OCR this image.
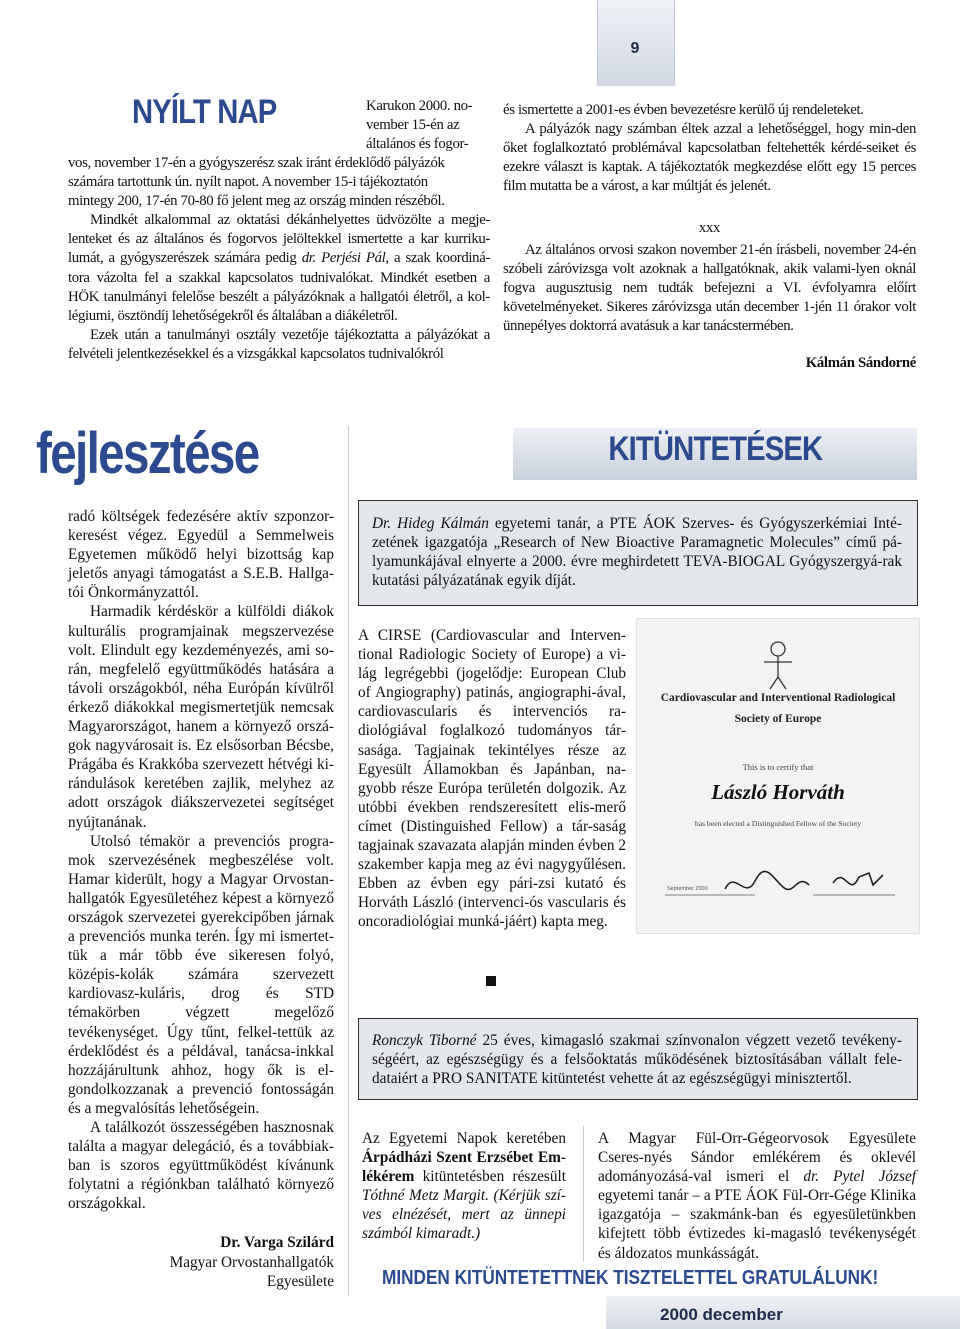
9
NYÍLT NAP	Karukon 2000. no-
vember 15-én az
általános és fogor-

vos, november 17-én a gyógyszerész szak iránt érdeklődő pályázók

számára tartottunk ún. nyílt napot. A november 15-i tájékoztatón

mintegy 200, 17-én 70-80 fő jelent meg az ország minden részéből.

Mindkét alkalommal az oktatási dékánhelyettes üdvözölte a megje-lenteket és az általános és fogorvos jelöltekkel ismertette a kar kurriku-lumát, a gyógyszerészek számára pedig dr. Perjési Pál, a szak koordiná-tora vázolta fel a szakkal kapcsolatos tudnivalókat. Mindkét esetben a HÖK tanulmányi felelőse beszélt a pályázóknak a hallgatói életről, a kol-légiumi, ösztöndíj lehetőségekről és általában a diákéletről.

Ezek után a tanulmányi osztály vezetője tájékoztatta a pályázókat a felvételi jelentkezésekkel és a vizsgákkal kapcsolatos tudnivalókról

és ismertette a 2001-es évben bevezetésre kerülő új rendeleteket.

A pályázók nagy számban éltek azzal a lehetőséggel, hogy min-den őket foglalkoztató problémával kapcsolatban feltehették kérdé-seiket és ezekre választ is kaptak. A tájékoztatók megkezdése előtt egy 15 perces film mutatta be a várost, a kar múltját és jelenét.

xxx

Az általános orvosi szakon november 21-én írásbeli, november 24-én szóbeli záróvizsga volt azoknak a hallgatóknak, akik valami-lyen oknál fogva augusztusig nem tudták befejezni a VI. évfolyamra előírt követelményeket. Sikeres záróvizsga után december 1-jén 11 órakor volt ünnepélyes doktorrá avatásuk a kar tanácstermében.

Kálmán Sándorné
fejlesztése

radó költségek fedezésére aktív szponzor-keresést végez. Egyedül a Semmelweis Egyetemen működő helyi bizottság kap jeletős anyagi támogatást a S.E.B. Hallga-tói Önkormányzattól.

Harmadik kérdéskör a külföldi diákok kulturális programjainak megszervezése volt. Elindult egy kezdeményezés, ami so-rán, megfelelő együttműködés hatására a távoli országokból, néha Európán kívülről érkező diákokkal megismertetjük nemcsak Magyarországot, hanem a környező orszá-gok nagyvárosait is. Ez elsősorban Bécsbe, Prágába és Krakkóba szervezett hétvégi ki-rándulások keretében zajlik, melyhez az adott országok diákszervezetei segítséget nyújtanának.

Utolsó témakör a prevenciós progra-mok szervezésének megbeszélése volt. Hamar kiderült, hogy a Magyar Orvostan-hallgatók Egyesületéhez képest a környező országok szervezetei gyerekcipőben járnak a prevenciós munka terén. Így mi ismertet-tük a már több éve sikeresen folyó, középis-kolák számára szervezett kardiovasz-kuláris, drog és STD témakörben végzett megelőző tevékenységet. Úgy tűnt, felkel-tettük az érdeklődést és a példával, tanácsa-inkkal hozzájárultunk ahhoz, hogy ők is el-gondolkozzanak a prevenció fontosságán és a megvalósítás lehetőségein.

A találkozót összességében hasznosnak találta a magyar delegáció, és a továbbiak-ban is szoros együttműködést kívánunk folytatni a régiónkban található környező országokkal.

Dr. Varga Szilárd
Magyar Orvostanhallgatók
Egyesülete
KITÜNTETÉSEK

Dr. Hideg Kálmán egyetemi tanár, a PTE ÁOK Szerves- és Gyógyszerkémiai Inté-zetének igazgatója „Research of New Bioactive Paramagnetic Molecules” című pá-lyamunkájával elnyerte a 2000. évre meghirdetett TEVA-BIOGAL Gyógyszergyá-rak kutatási pályázatának egyik díját.

A CIRSE (Cardiovascular and Interven-tional Radiologic Society of Europe) a vi-lág legrégebbi (jogelődje: European Club of Angiography) patinás, angiographi-ával, cardiovascularis és intervenciós ra-diológiával foglalkozó tudományos tár-sasága. Tagjainak tekintélyes része az Egyesült Államokban és Japánban, na-gyobb része Európa területén dolgozik. Az utóbbi években rendszeresített elis-merő címet (Distinguished Fellow) a tár-saság tagjainak szavazata alapján minden évben 2 szakember kapja meg az évi nagygyűlésen. Ebben az évben egy pári-zsi kutató és Horváth László (intervenci-ós vascularis és oncoradiológiai munká-jáért) kapta meg.

Cardiovascular and Interventional Radiological
Society of Europe
This is to certify that
László Horváth
has been elected a Distinguished Fellow of the Society
September 2000

Ronczyk Tiborné 25 éves, kimagasló szakmai színvonalon végzett vezető tevékeny-ségéért, az egészségügy és a felsőoktatás működésének biztosításában vállalt fele-dataiért a PRO SANITATE kitüntetést vehette át az egészségügyi minisztertől.

Az Egyetemi Napok keretében Árpádházi Szent Erzsébet Em-lékérem kitüntetésben részesült Tóthné Metz Margit. (Kérjük szí-ves elnézését, mert az ünnepi számból kimaradt.)

A Magyar Fül-Orr-Gégeorvosok Egyesülete Cseres-nyés Sándor emlékérem és oklevél adományozásá-val ismeri el dr. Pytel József egyetemi tanár – a PTE ÁOK Fül-Orr-Gége Klinika igazgatója – szakmánk-ban és egyesületünkben kifejtett több évtizedes ki-magasló tevékenységét és áldozatos munkásságát.

MINDEN KITÜNTETETTNEK TISZTELETTEL GRATULÁLUNK!
2000 december
